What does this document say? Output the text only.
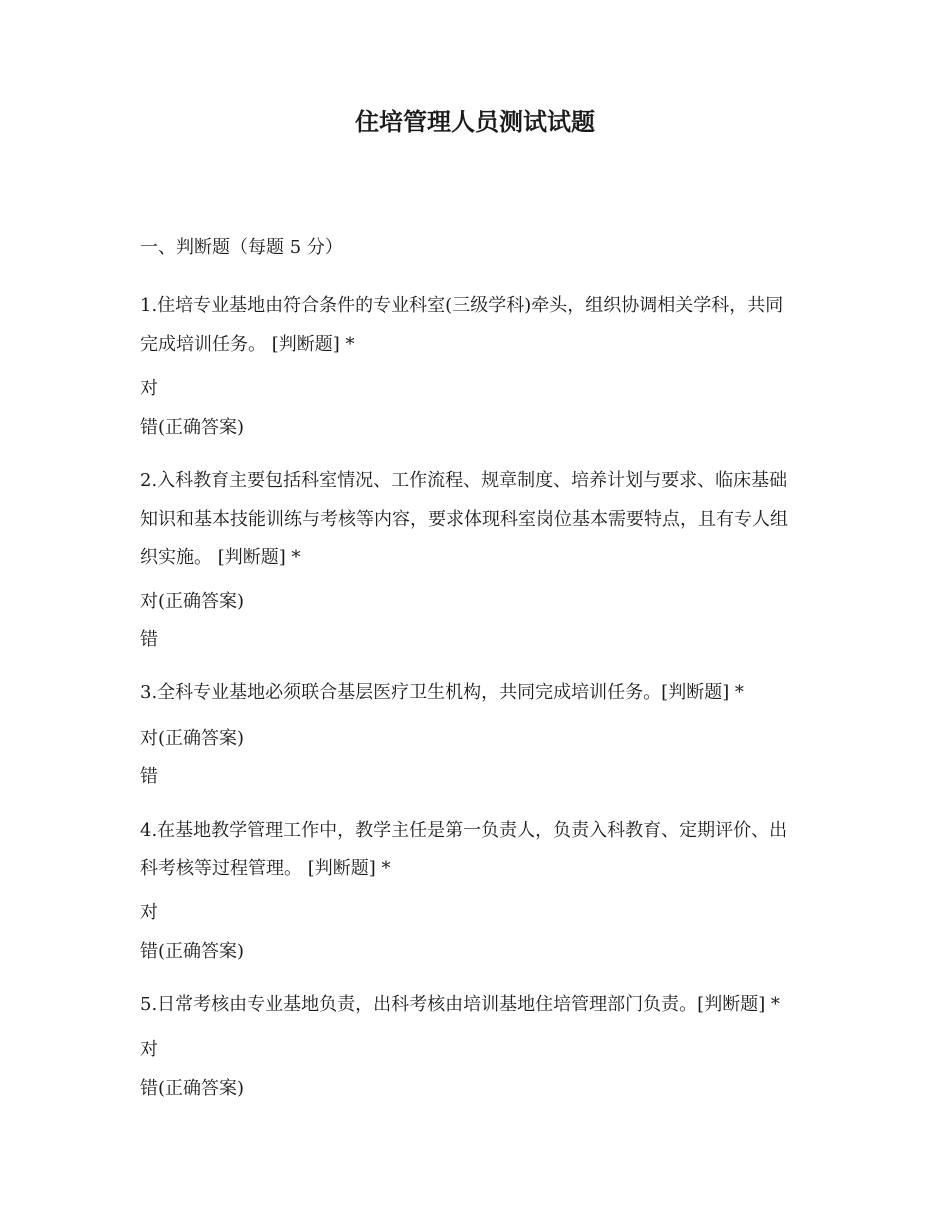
住培管理人员测试试题
一、判断题（每题 5 分）
1.住培专业基地由符合条件的专业科室(三级学科)牵头，组织协调相关学科，共同
完成培训任务。 [判断题] *
对
错(正确答案)
2.入科教育主要包括科室情况、工作流程、规章制度、培养计划与要求、临床基础
知识和基本技能训练与考核等内容，要求体现科室岗位基本需要特点，且有专人组
织实施。 [判断题] *
对(正确答案)
错
3.全科专业基地必须联合基层医疗卫生机构，共同完成培训任务。[判断题] *
对(正确答案)
错
4.在基地教学管理工作中，教学主任是第一负责人，负责入科教育、定期评价、出
科考核等过程管理。 [判断题] *
对
错(正确答案)
5.日常考核由专业基地负责，出科考核由培训基地住培管理部门负责。[判断题] *
对
错(正确答案)
